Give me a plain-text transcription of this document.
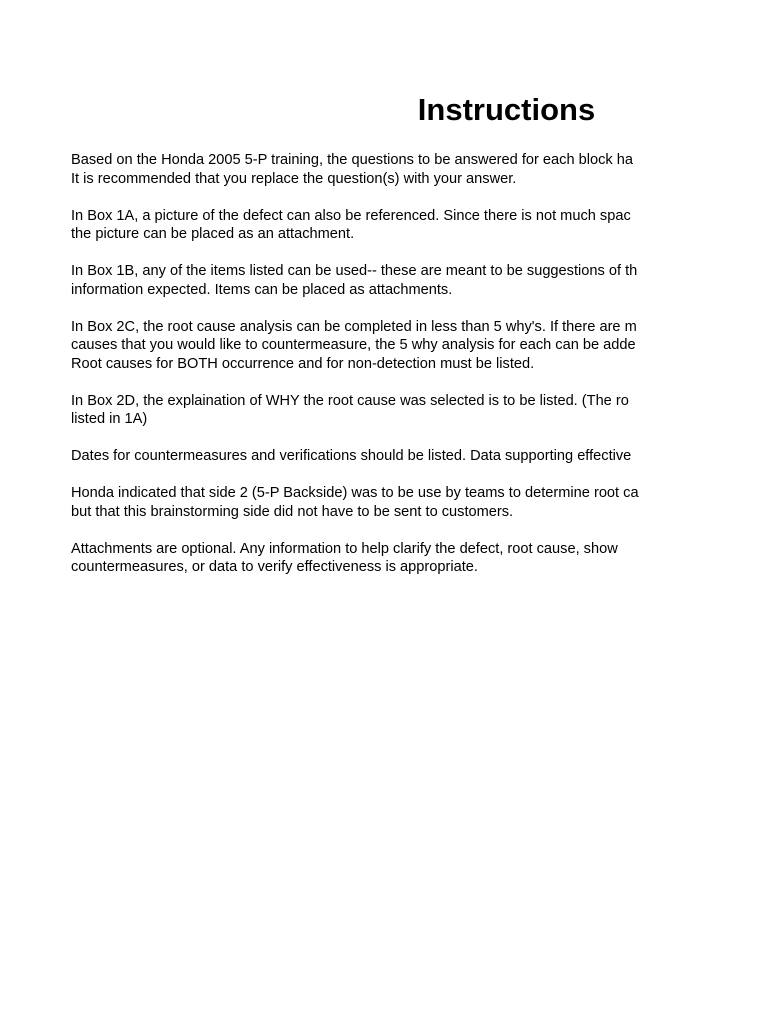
Instructions

Based on the Honda 2005 5-P training, the questions to be answered for each block ha
It is recommended that you replace the question(s) with your answer.

In Box 1A, a picture of the defect can also be referenced. Since there is not much spac
the picture can be placed as an attachment.

In Box 1B, any of the items listed can be used-- these are meant to be suggestions of th
information expected. Items can be placed as attachments.

In Box 2C, the root cause analysis can be completed in less than 5 why's. If there are m
causes that you would like to countermeasure, the 5 why analysis for each can be adde
Root causes for BOTH occurrence and for non-detection must be listed.

In Box 2D, the explaination of WHY the root cause was selected is to be listed. (The ro
listed in 1A)

Dates for countermeasures and verifications should be listed. Data supporting effective

Honda indicated that side 2 (5-P Backside) was to be use by teams to determine root ca
but that this brainstorming side did not have to be sent to customers.

Attachments are optional. Any information to help clarify the defect, root cause, show
countermeasures, or data to verify effectiveness is appropriate.
